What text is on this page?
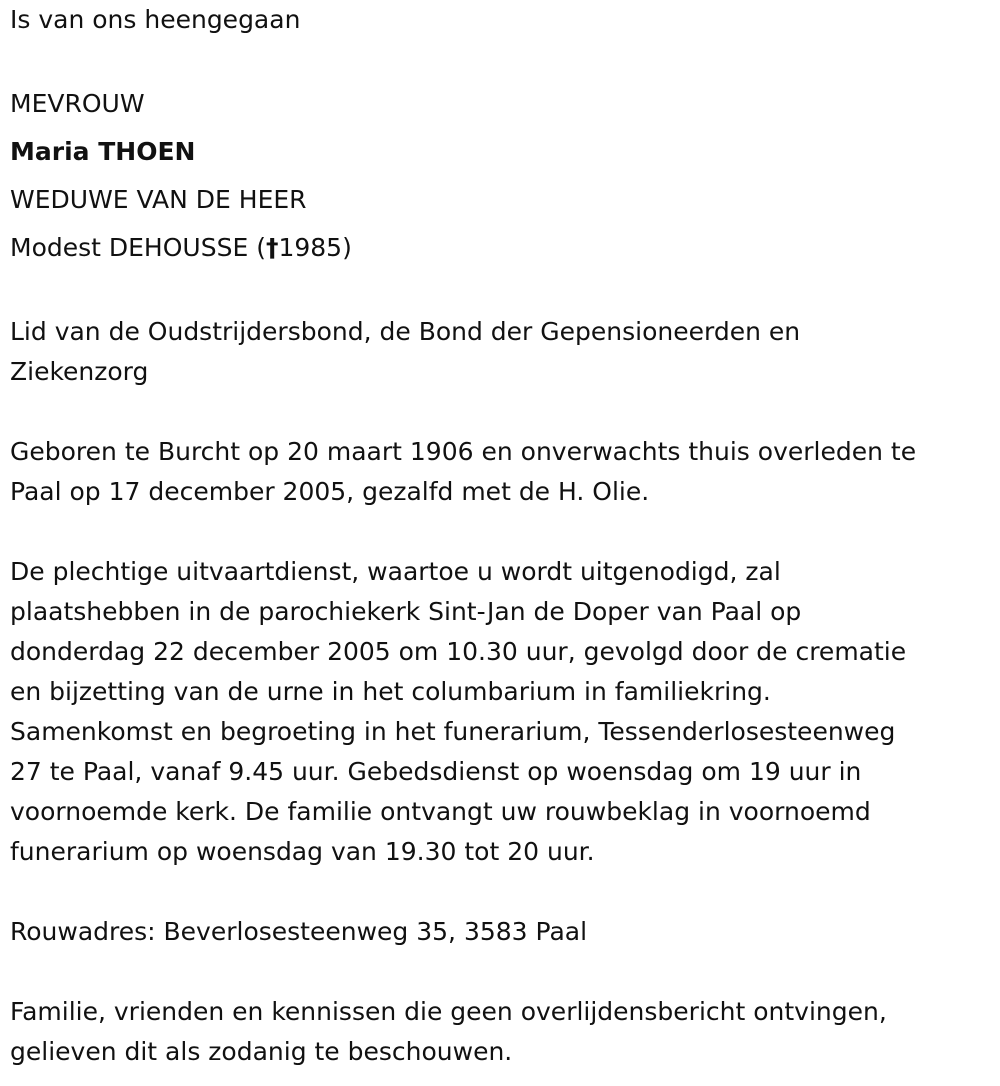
Is van ons heengegaan
MEVROUW
Maria THOEN
WEDUWE VAN DE HEER
Modest DEHOUSSE (†1985)
Lid van de Oudstrijdersbond, de Bond der Gepensioneerden en
Ziekenzorg
Geboren te Burcht op 20 maart 1906 en onverwachts thuis overleden te
Paal op 17 december 2005, gezalfd met de H. Olie.
De plechtige uitvaartdienst, waartoe u wordt uitgenodigd, zal
plaatshebben in de parochiekerk Sint-Jan de Doper van Paal op
donderdag 22 december 2005 om 10.30 uur, gevolgd door de crematie
en bijzetting van de urne in het columbarium in familiekring.
Samenkomst en begroeting in het funerarium, Tessenderlosesteenweg
27 te Paal, vanaf 9.45 uur. Gebedsdienst op woensdag om 19 uur in
voornoemde kerk. De familie ontvangt uw rouwbeklag in voornoemd
funerarium op woensdag van 19.30 tot 20 uur.
Rouwadres: Beverlosesteenweg 35, 3583 Paal
Familie, vrienden en kennissen die geen overlijdensbericht ontvingen,
gelieven dit als zodanig te beschouwen.
